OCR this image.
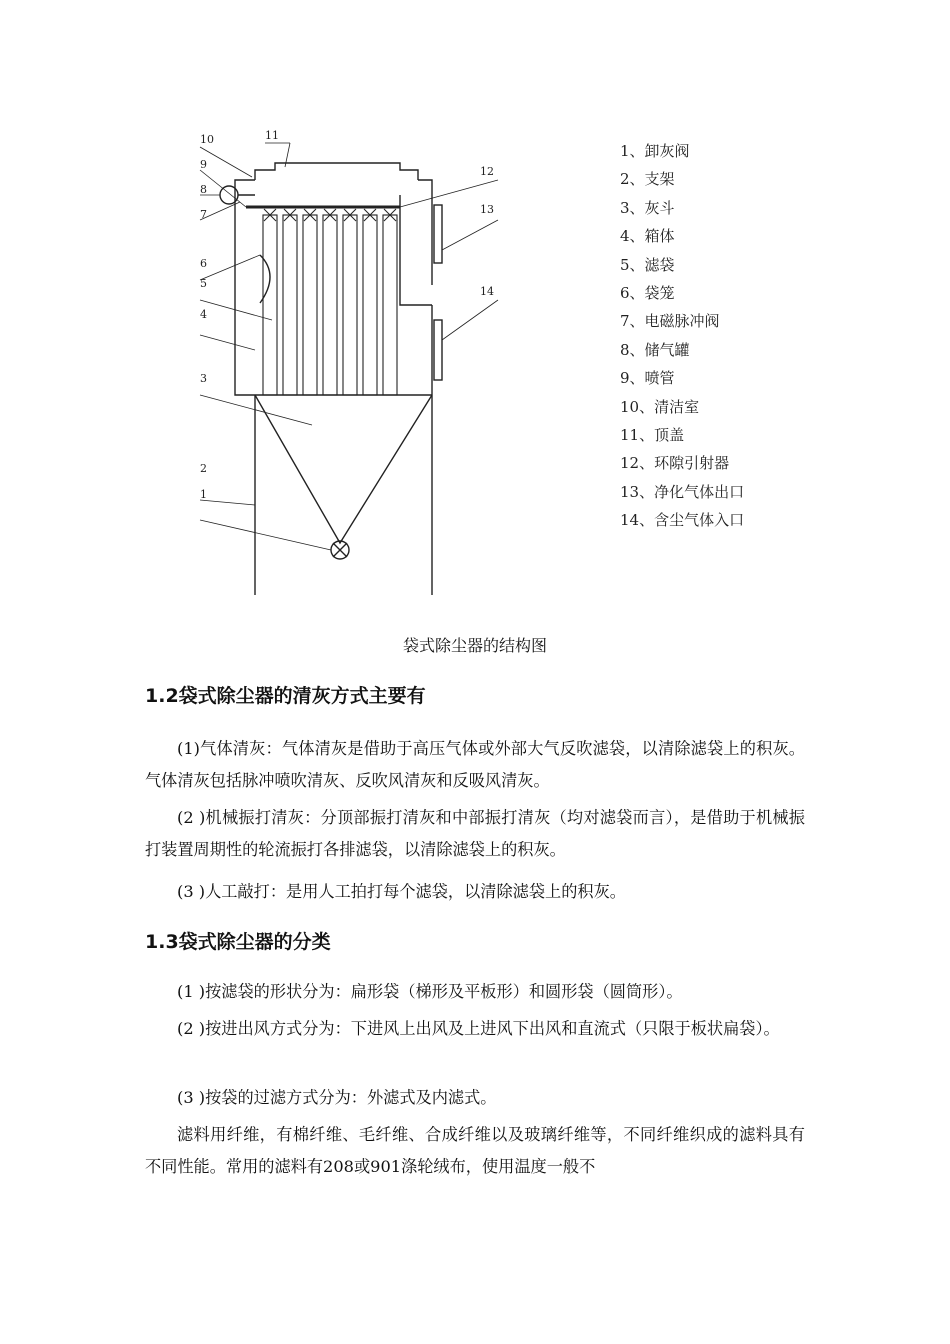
10	11
9
8
7
6
5
4
3
2
1
12
13
14
1、卸灰阀
2、支架
3、灰斗
4、箱体
5、滤袋
6、袋笼
7、电磁脉冲阀
8、储气罐
9、喷管
10、清洁室
11、顶盖
12、环隙引射器
13、净化气体出口
14、含尘气体入口
袋式除尘器的结构图
1.2袋式除尘器的清灰方式主要有

(1)气体清灰：气体清灰是借助于高压气体或外部大气反吹滤袋，以清除滤袋上的积灰。气体清灰包括脉冲喷吹清灰、反吹风清灰和反吸风清灰。

(2 )机械振打清灰：分顶部振打清灰和中部振打清灰（均对滤袋而言），是借助于机械振打装置周期性的轮流振打各排滤袋，以清除滤袋上的积灰。

(3 )人工敲打：是用人工拍打每个滤袋，以清除滤袋上的积灰。

1.3袋式除尘器的分类

(1 )按滤袋的形状分为：扁形袋（梯形及平板形）和圆形袋（圆筒形）。

(2 )按进出风方式分为：下进风上出风及上进风下出风和直流式（只限于板状扁袋）。

(3 )按袋的过滤方式分为：外滤式及内滤式。

滤料用纤维，有棉纤维、毛纤维、合成纤维以及玻璃纤维等，不同纤维织成的滤料具有不同性能。常用的滤料有208或901涤轮绒布，使用温度一般不
